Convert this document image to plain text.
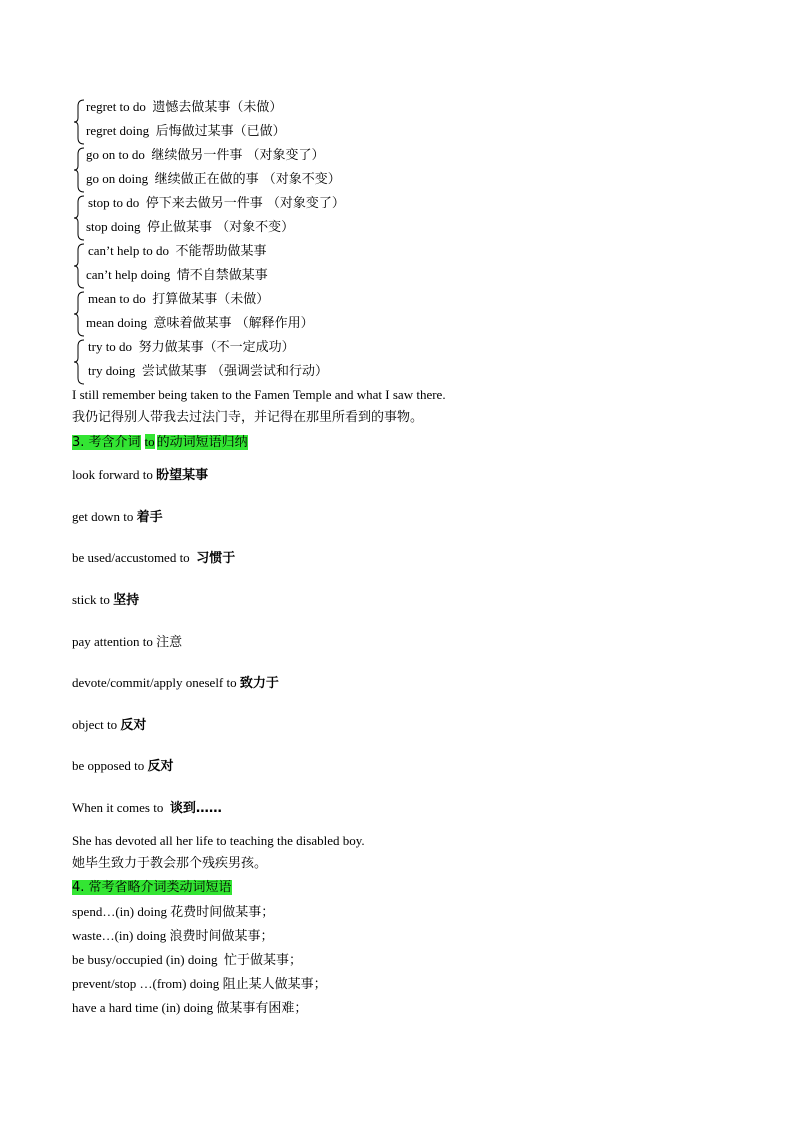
regret to do 遗憾去做某事（未做）
regret doing 后悔做过某事（已做）
go on to do 继续做另一件事 （对象变了）
go on doing 继续做正在做的事 （对象不变）
stop to do 停下来去做另一件事 （对象变了）
stop doing 停止做某事 （对象不变）
can’t help to do 不能帮助做某事
can’t help doing 情不自禁做某事
mean to do 打算做某事（未做）
mean doing 意味着做某事 （解释作用）
try to do 努力做某事（不一定成功）
try doing 尝试做某事 （强调尝试和行动）
I still remember being taken to the Famen Temple and what I saw there.
我仍记得别人带我去过法门寺，并记得在那里所看到的事物。
3. 考含介词 to 的动词短语归纳
look forward to 盼望某事
get down to 着手
be used/accustomed to 习惯于
stick to 坚持
pay attention to 注意
devote/commit/apply oneself to 致力于
object to 反对
be opposed to 反对
When it comes to 谈到……
She has devoted all her life to teaching the disabled boy.
她毕生致力于教会那个残疾男孩。
4. 常考省略介词类动词短语
spend…(in) doing 花费时间做某事；
waste…(in) doing 浪费时间做某事；
be busy/occupied (in) doing 忙于做某事；
prevent/stop …(from) doing 阻止某人做某事；
have a hard time (in) doing 做某事有困难；
